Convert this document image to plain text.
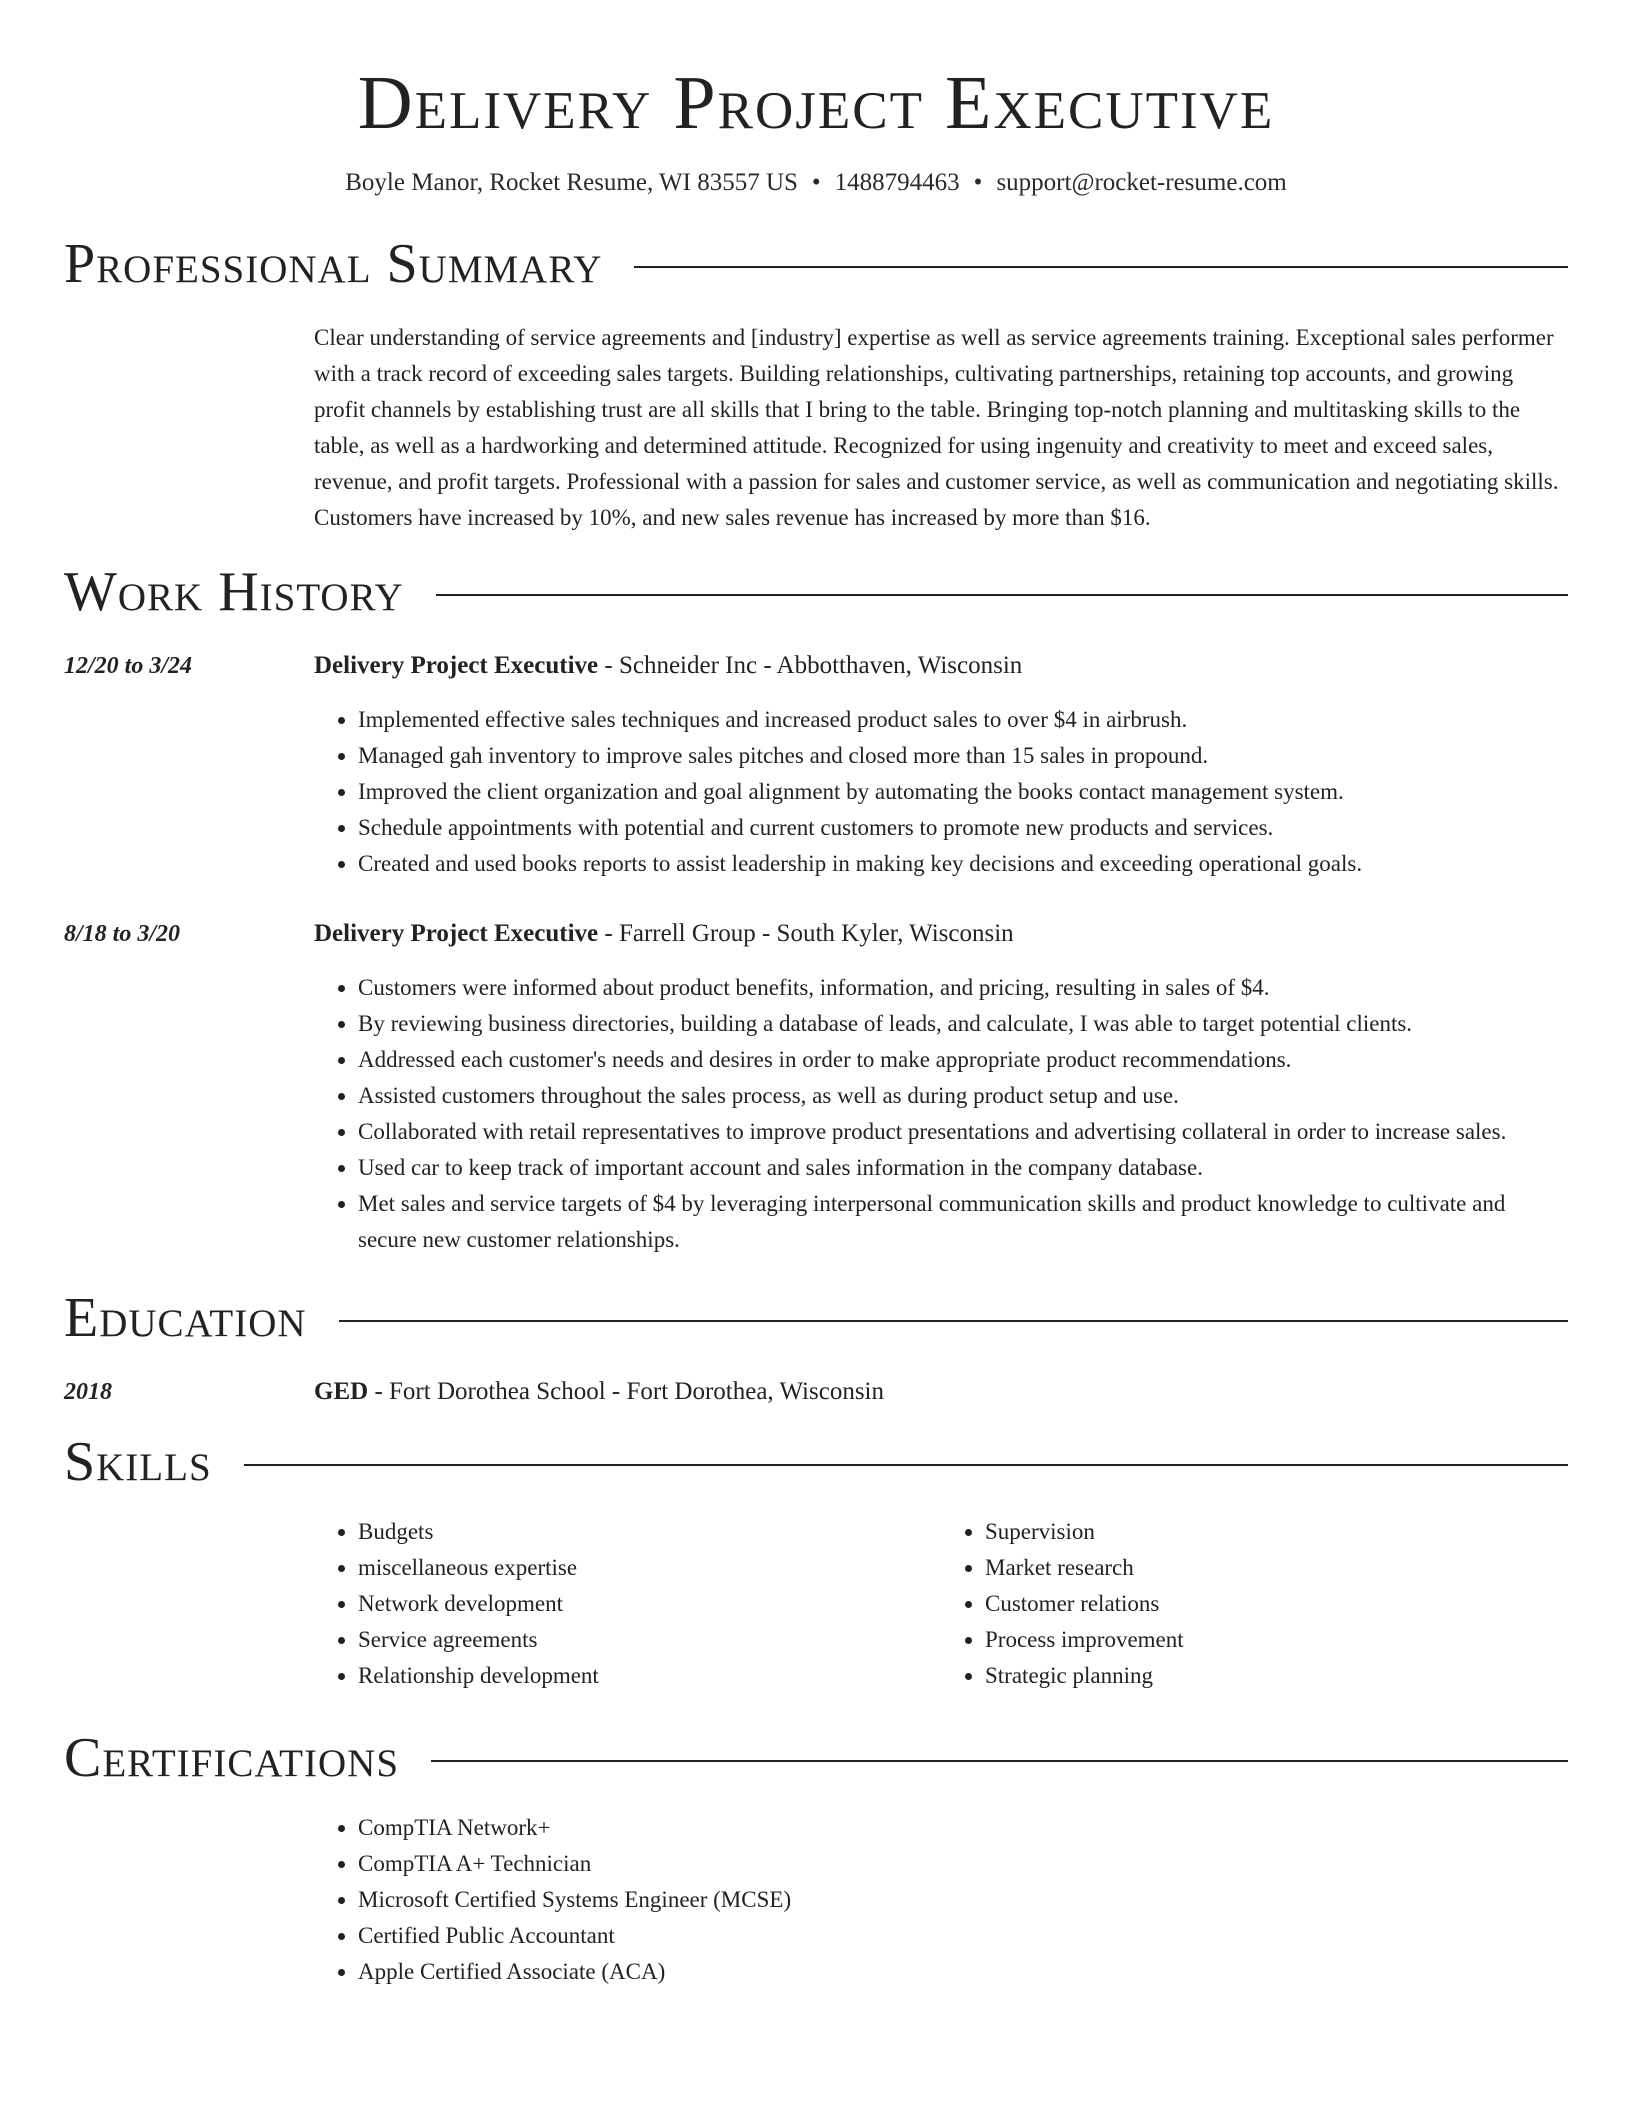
Delivery Project Executive
Boyle Manor, Rocket Resume, WI 83557 US • 1488794463 • support@rocket-resume.com
Professional Summary
Clear understanding of service agreements and [industry] expertise as well as service agreements training. Exceptional sales performer with a track record of exceeding sales targets. Building relationships, cultivating partnerships, retaining top accounts, and growing profit channels by establishing trust are all skills that I bring to the table. Bringing top-notch planning and multitasking skills to the table, as well as a hardworking and determined attitude. Recognized for using ingenuity and creativity to meet and exceed sales, revenue, and profit targets. Professional with a passion for sales and customer service, as well as communication and negotiating skills. Customers have increased by 10%, and new sales revenue has increased by more than $16.
Work History
12/20 to 3/24	Delivery Project Executive - Schneider Inc - Abbotthaven, Wisconsin
• Implemented effective sales techniques and increased product sales to over $4 in airbrush.
• Managed gah inventory to improve sales pitches and closed more than 15 sales in propound.
• Improved the client organization and goal alignment by automating the books contact management system.
• Schedule appointments with potential and current customers to promote new products and services.
• Created and used books reports to assist leadership in making key decisions and exceeding operational goals.
8/18 to 3/20	Delivery Project Executive - Farrell Group - South Kyler, Wisconsin
• Customers were informed about product benefits, information, and pricing, resulting in sales of $4.
• By reviewing business directories, building a database of leads, and calculate, I was able to target potential clients.
• Addressed each customer's needs and desires in order to make appropriate product recommendations.
• Assisted customers throughout the sales process, as well as during product setup and use.
• Collaborated with retail representatives to improve product presentations and advertising collateral in order to increase sales.
• Used car to keep track of important account and sales information in the company database.
• Met sales and service targets of $4 by leveraging interpersonal communication skills and product knowledge to cultivate and secure new customer relationships.
Education
2018	GED - Fort Dorothea School - Fort Dorothea, Wisconsin
Skills
• Budgets
• miscellaneous expertise
• Network development
• Service agreements
• Relationship development
• Supervision
• Market research
• Customer relations
• Process improvement
• Strategic planning
Certifications
• CompTIA Network+
• CompTIA A+ Technician
• Microsoft Certified Systems Engineer (MCSE)
• Certified Public Accountant
• Apple Certified Associate (ACA)
